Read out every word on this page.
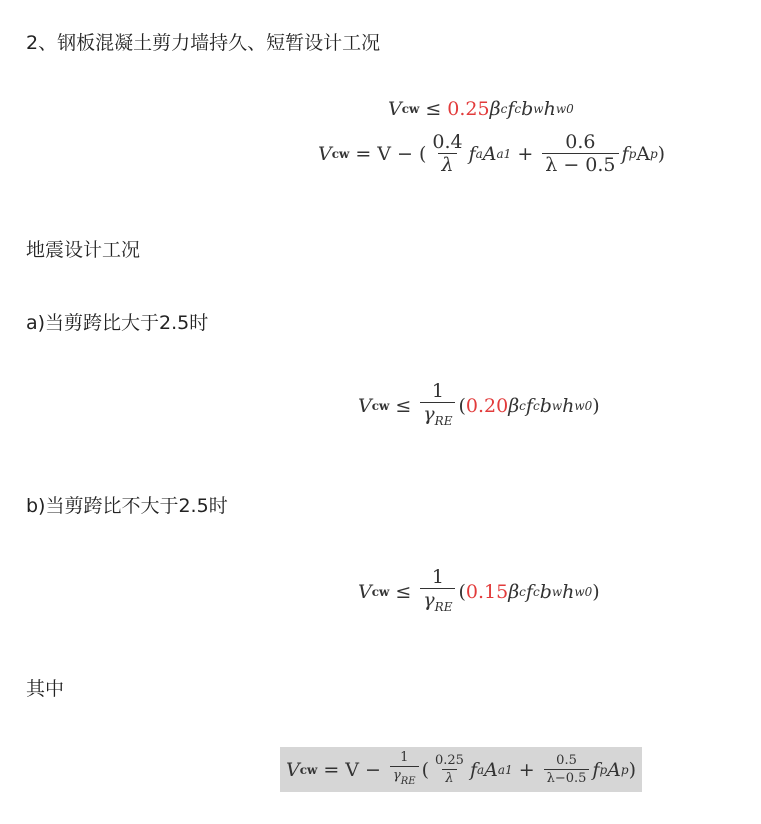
2、钢板混凝土剪力墙持久、短暂设计工况
V cw ≤ 0.25 β c f c b w h w0
V cw = V − ( $\frac{0.4}{\lambda}$ f a A $a1 + \frac{0.6}{\lambda - 0.5}$ f p A p )
地震设计工况
a)当剪跨比大于2.5时
V cw ≤ $\frac{1}{\gamma_{RE}}$ ( 0.20 β c f c b w h w0 )
b)当剪跨比不大于2.5时
V cw ≤ $\frac{1}{\gamma_{RE}}$ ( 0.15 β c f c b w h w0 )
其中
V cw = $V - \frac{1}{\gamma_{RE}}$ ( $\frac{0.25}{\lambda}$ f a A $a1 + \frac{0.5}{\lambda-0.5}$ f p A p )
